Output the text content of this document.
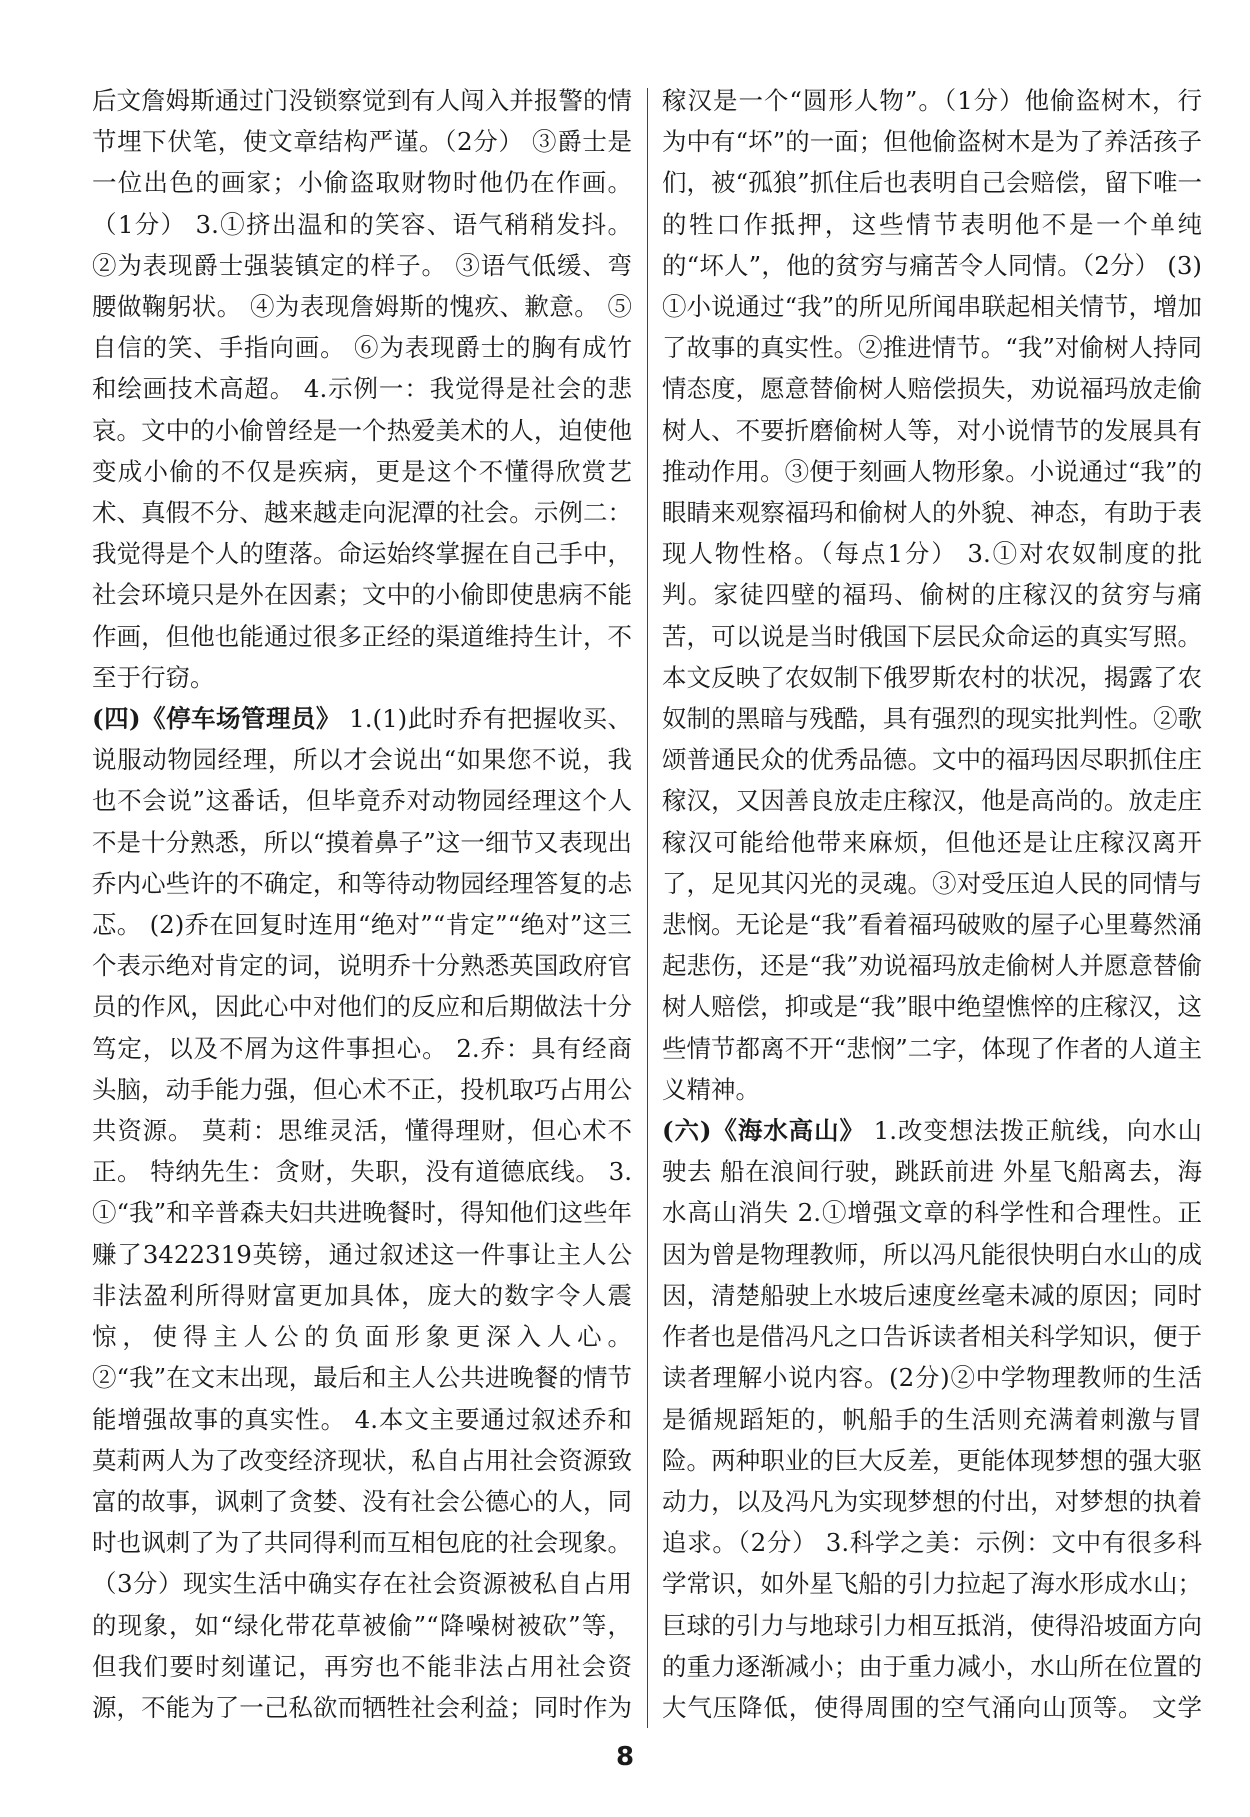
后文詹姆斯通过门没锁察觉到有人闯入并报警的情节埋下伏笔，使文章结构严谨。（2分） ③爵士是一位出色的画家；小偷盗取财物时他仍在作画。（1分） 3.①挤出温和的笑容、语气稍稍发抖。 ②为表现爵士强装镇定的样子。 ③语气低缓、弯腰做鞠躬状。 ④为表现詹姆斯的愧疚、歉意。 ⑤自信的笑、手指向画。 ⑥为表现爵士的胸有成竹和绘画技术高超。 4.示例一：我觉得是社会的悲哀。文中的小偷曾经是一个热爱美术的人，迫使他变成小偷的不仅是疾病，更是这个不懂得欣赏艺术、真假不分、越来越走向泥潭的社会。示例二：我觉得是个人的堕落。命运始终掌握在自己手中，社会环境只是外在因素；文中的小偷即使患病不能作画，但他也能通过很多正经的渠道维持生计，不至于行窃。

(四)《停车场管理员》 1.(1)此时乔有把握收买、说服动物园经理，所以才会说出“如果您不说，我也不会说”这番话，但毕竟乔对动物园经理这个人不是十分熟悉，所以“摸着鼻子”这一细节又表现出乔内心些许的不确定，和等待动物园经理答复的忐忑。 (2)乔在回复时连用“绝对”“肯定”“绝对”这三个表示绝对肯定的词，说明乔十分熟悉英国政府官员的作风，因此心中对他们的反应和后期做法十分笃定，以及不屑为这件事担心。 2.乔：具有经商头脑，动手能力强，但心术不正，投机取巧占用公共资源。 莫莉：思维灵活，懂得理财，但心术不正。 特纳先生：贪财，失职，没有道德底线。 3.①“我”和辛普森夫妇共进晚餐时，得知他们这些年赚了3422319英镑，通过叙述这一件事让主人公非法盈利所得财富更加具体，庞大的数字令人震惊，使得主人公的负面形象更深入人心。 ②“我”在文末出现，最后和主人公共进晚餐的情节能增强故事的真实性。 4.本文主要通过叙述乔和莫莉两人为了改变经济现状，私自占用社会资源致富的故事，讽刺了贪婪、没有社会公德心的人，同时也讽刺了为了共同得利而互相包庇的社会现象。（3分）现实生活中确实存在社会资源被私自占用的现象，如“绿化带花草被偷”“降噪树被砍”等，但我们要时刻谨记，再穷也不能非法占用社会资源，不能为了一己私欲而牺牲社会利益；同时作为

稼汉是一个“圆形人物”。（1分）他偷盗树木，行为中有“坏”的一面；但他偷盗树木是为了养活孩子们，被“孤狼”抓住后也表明自己会赔偿，留下唯一的牲口作抵押，这些情节表明他不是一个单纯的“坏人”，他的贫穷与痛苦令人同情。（2分） (3)①小说通过“我”的所见所闻串联起相关情节，增加了故事的真实性。②推进情节。“我”对偷树人持同情态度，愿意替偷树人赔偿损失，劝说福玛放走偷树人、不要折磨偷树人等，对小说情节的发展具有推动作用。③便于刻画人物形象。小说通过“我”的眼睛来观察福玛和偷树人的外貌、神态，有助于表现人物性格。（每点1分） 3.①对农奴制度的批判。家徒四壁的福玛、偷树的庄稼汉的贫穷与痛苦，可以说是当时俄国下层民众命运的真实写照。本文反映了农奴制下俄罗斯农村的状况，揭露了农奴制的黑暗与残酷，具有强烈的现实批判性。②歌颂普通民众的优秀品德。文中的福玛因尽职抓住庄稼汉，又因善良放走庄稼汉，他是高尚的。放走庄稼汉可能给他带来麻烦，但他还是让庄稼汉离开了，足见其闪光的灵魂。③对受压迫人民的同情与悲悯。无论是“我”看着福玛破败的屋子心里蓦然涌起悲伤，还是“我”劝说福玛放走偷树人并愿意替偷树人赔偿，抑或是“我”眼中绝望憔悴的庄稼汉，这些情节都离不开“悲悯”二字，体现了作者的人道主义精神。

(六)《海水高山》 1.改变想法拨正航线，向水山驶去 船在浪间行驶，跳跃前进 外星飞船离去，海水高山消失 2.①增强文章的科学性和合理性。正因为曾是物理教师，所以冯凡能很快明白水山的成因，清楚船驶上水坡后速度丝毫未减的原因；同时作者也是借冯凡之口告诉读者相关科学知识，便于读者理解小说内容。(2分)②中学物理教师的生活是循规蹈矩的，帆船手的生活则充满着刺激与冒险。两种职业的巨大反差，更能体现梦想的强大驱动力，以及冯凡为实现梦想的付出，对梦想的执着追求。（2分） 3.科学之美：示例：文中有很多科学常识，如外星飞船的引力拉起了海水形成水山；巨球的引力与地球引力相互抵消，使得沿坡面方向的重力逐渐减小；由于重力减小，水山所在位置的大气压降低，使得周围的空气涌向山顶等。 文学

8
